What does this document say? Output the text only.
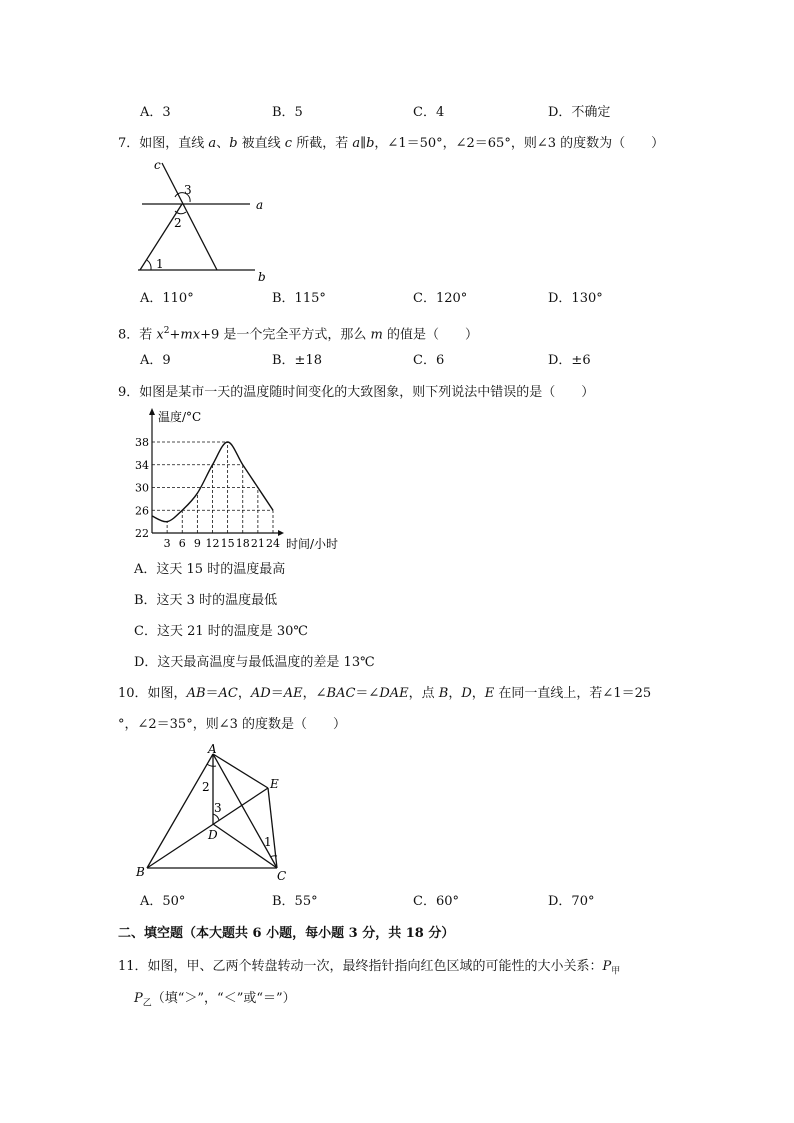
A．3	B．5	C．4	D．不确定
7．如图，直线 a、b 被直线 c 所截，若 a∥b，∠1＝50°，∠2＝65°，则∠3 的度数为（　　）
c
a
b
1
2
3
A．110°	B．115°	C．120°	D．130°
8．若 $x^2+mx+9$ 是一个完全平方式，那么 m 的值是（　　）
A．9	B．±18	C．6	D．±6
9．如图是某市一天的温度随时间变化的大致图象，则下列说法中错误的是（　　）
3 6 9 12 15 18 21 24
22
26
30
34
38
温度/°C
时间/小时
A．这天 15 时的温度最高
B．这天 3 时的温度最低
C．这天 21 时的温度是 30℃
D．这天最高温度与最低温度的差是 13℃
10．如图，AB＝AC，AD＝AE，∠BAC＝∠DAE，点 B，D，E 在同一直线上，若∠1＝25
°，∠2＝35°，则∠3 的度数是（　　）
A
B	C
D
E
1
2
3
A．50°	B．55°	C．60°	D．70°
二、填空题（本大题共 6 小题，每小题 3 分，共 18 分）
11．如图，甲、乙两个转盘转动一次，最终指针指向红色区域的可能性的大小关系：$P_甲$
$P_乙$（填“＞”，“＜”或“＝”）
